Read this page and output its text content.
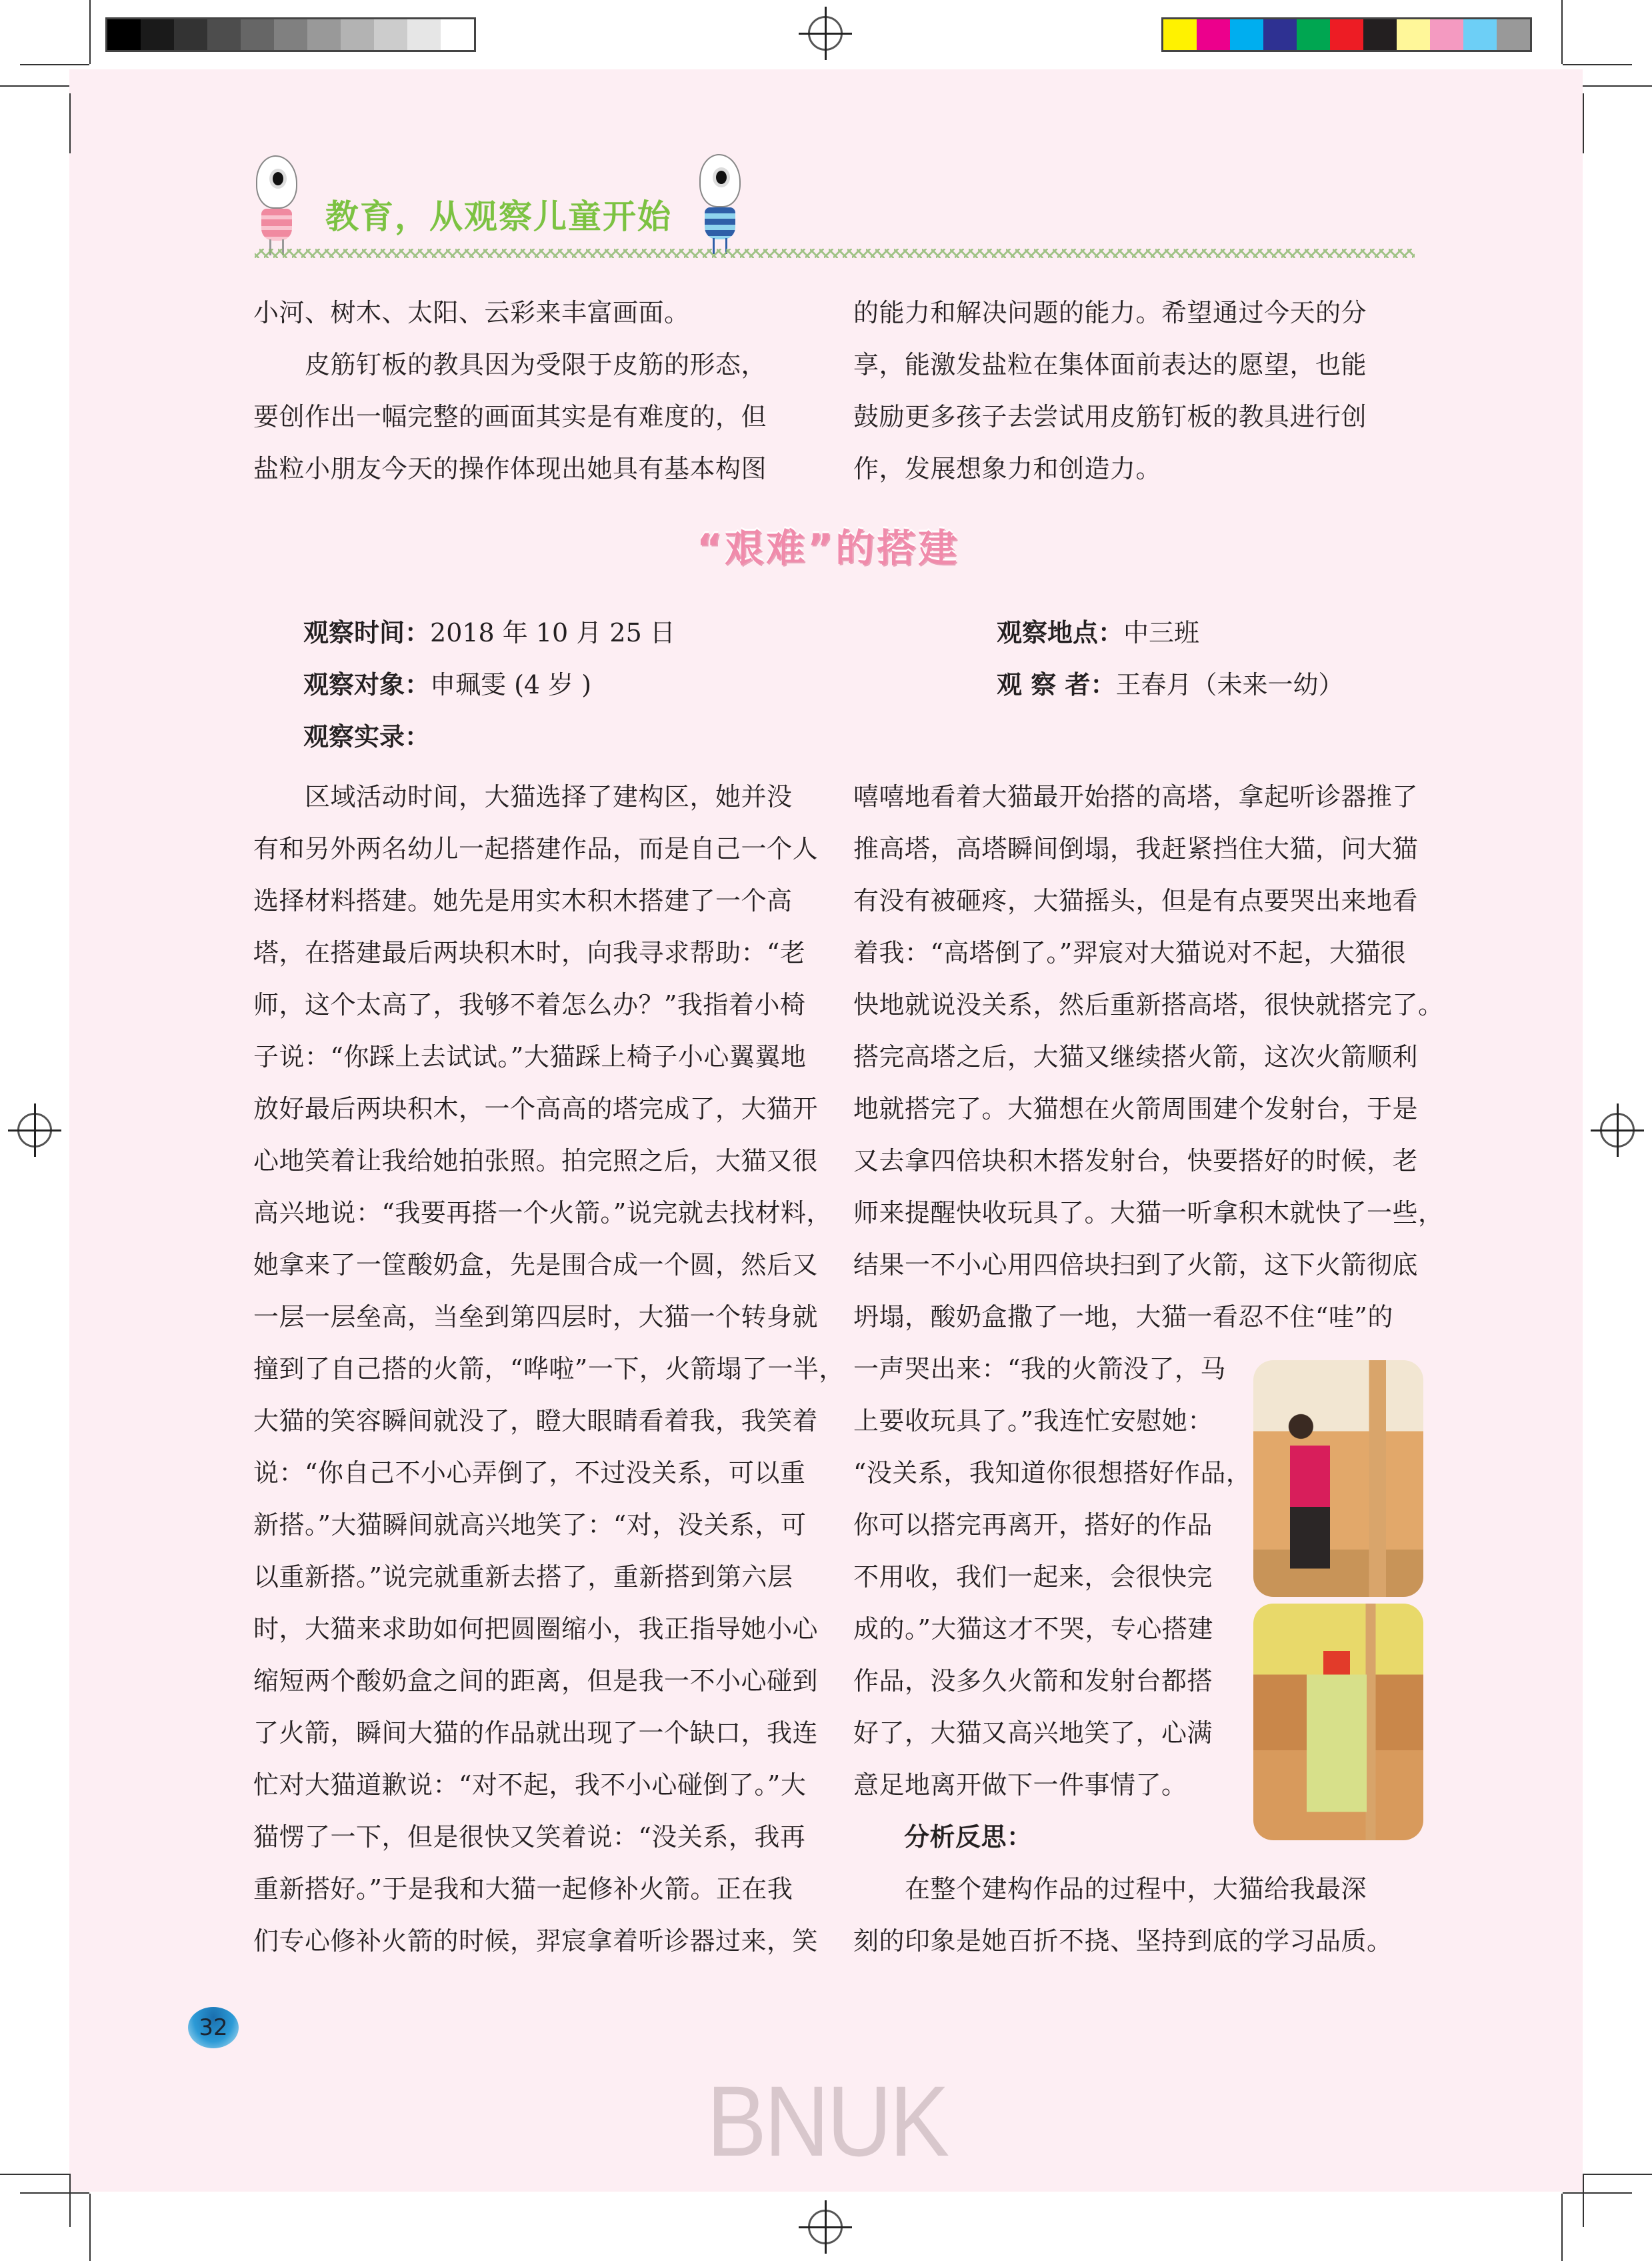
教育，从观察儿童开始

小河、树木、太阳、云彩来丰富画面。

　　皮筋钉板的教具因为受限于皮筋的形态，

要创作出一幅完整的画面其实是有难度的，但

盐粒小朋友今天的操作体现出她具有基本构图

的能力和解决问题的能力。希望通过今天的分

享，能激发盐粒在集体面前表达的愿望，也能

鼓励更多孩子去尝试用皮筋钉板的教具进行创

作，发展想象力和创造力。

“艰难”的搭建
观察时间：2018 年 10 月 25 日	观察地点：中三班
观察对象：申珮雯 (4 岁 )	观 察 者：王春月（未来一幼）
观察实录：

　　区域活动时间，大猫选择了建构区，她并没

有和另外两名幼儿一起搭建作品，而是自己一个人

选择材料搭建。她先是用实木积木搭建了一个高

塔，在搭建最后两块积木时，向我寻求帮助：“老

师，这个太高了，我够不着怎么办？”我指着小椅

子说：“你踩上去试试。”大猫踩上椅子小心翼翼地

放好最后两块积木，一个高高的塔完成了，大猫开

心地笑着让我给她拍张照。拍完照之后，大猫又很

高兴地说：“我要再搭一个火箭。”说完就去找材料，

她拿来了一筐酸奶盒，先是围合成一个圆，然后又

一层一层垒高，当垒到第四层时，大猫一个转身就

撞到了自己搭的火箭，“哗啦”一下，火箭塌了一半，

大猫的笑容瞬间就没了，瞪大眼睛看着我，我笑着

说：“你自己不小心弄倒了，不过没关系，可以重

新搭。”大猫瞬间就高兴地笑了：“对，没关系，可

以重新搭。”说完就重新去搭了，重新搭到第六层

时，大猫来求助如何把圆圈缩小，我正指导她小心

缩短两个酸奶盒之间的距离，但是我一不小心碰到

了火箭，瞬间大猫的作品就出现了一个缺口，我连

忙对大猫道歉说：“对不起，我不小心碰倒了。”大

猫愣了一下，但是很快又笑着说：“没关系，我再

重新搭好。”于是我和大猫一起修补火箭。正在我

们专心修补火箭的时候，羿宸拿着听诊器过来，笑

嘻嘻地看着大猫最开始搭的高塔，拿起听诊器推了

推高塔，高塔瞬间倒塌，我赶紧挡住大猫，问大猫

有没有被砸疼，大猫摇头，但是有点要哭出来地看

着我：“高塔倒了。”羿宸对大猫说对不起，大猫很

快地就说没关系，然后重新搭高塔，很快就搭完了。

搭完高塔之后，大猫又继续搭火箭，这次火箭顺利

地就搭完了。大猫想在火箭周围建个发射台，于是

又去拿四倍块积木搭发射台，快要搭好的时候，老

师来提醒快收玩具了。大猫一听拿积木就快了一些，

结果一不小心用四倍块扫到了火箭，这下火箭彻底

坍塌，酸奶盒撒了一地，大猫一看忍不住“哇”的

一声哭出来：“我的火箭没了，马

上要收玩具了。”我连忙安慰她：

“没关系，我知道你很想搭好作品，

你可以搭完再离开，搭好的作品

不用收，我们一起来，会很快完

成的。”大猫这才不哭，专心搭建

作品，没多久火箭和发射台都搭

好了，大猫又高兴地笑了，心满

意足地离开做下一件事情了。

分析反思：

　　在整个建构作品的过程中，大猫给我最深

刻的印象是她百折不挠、坚持到底的学习品质。

32
BNUK
